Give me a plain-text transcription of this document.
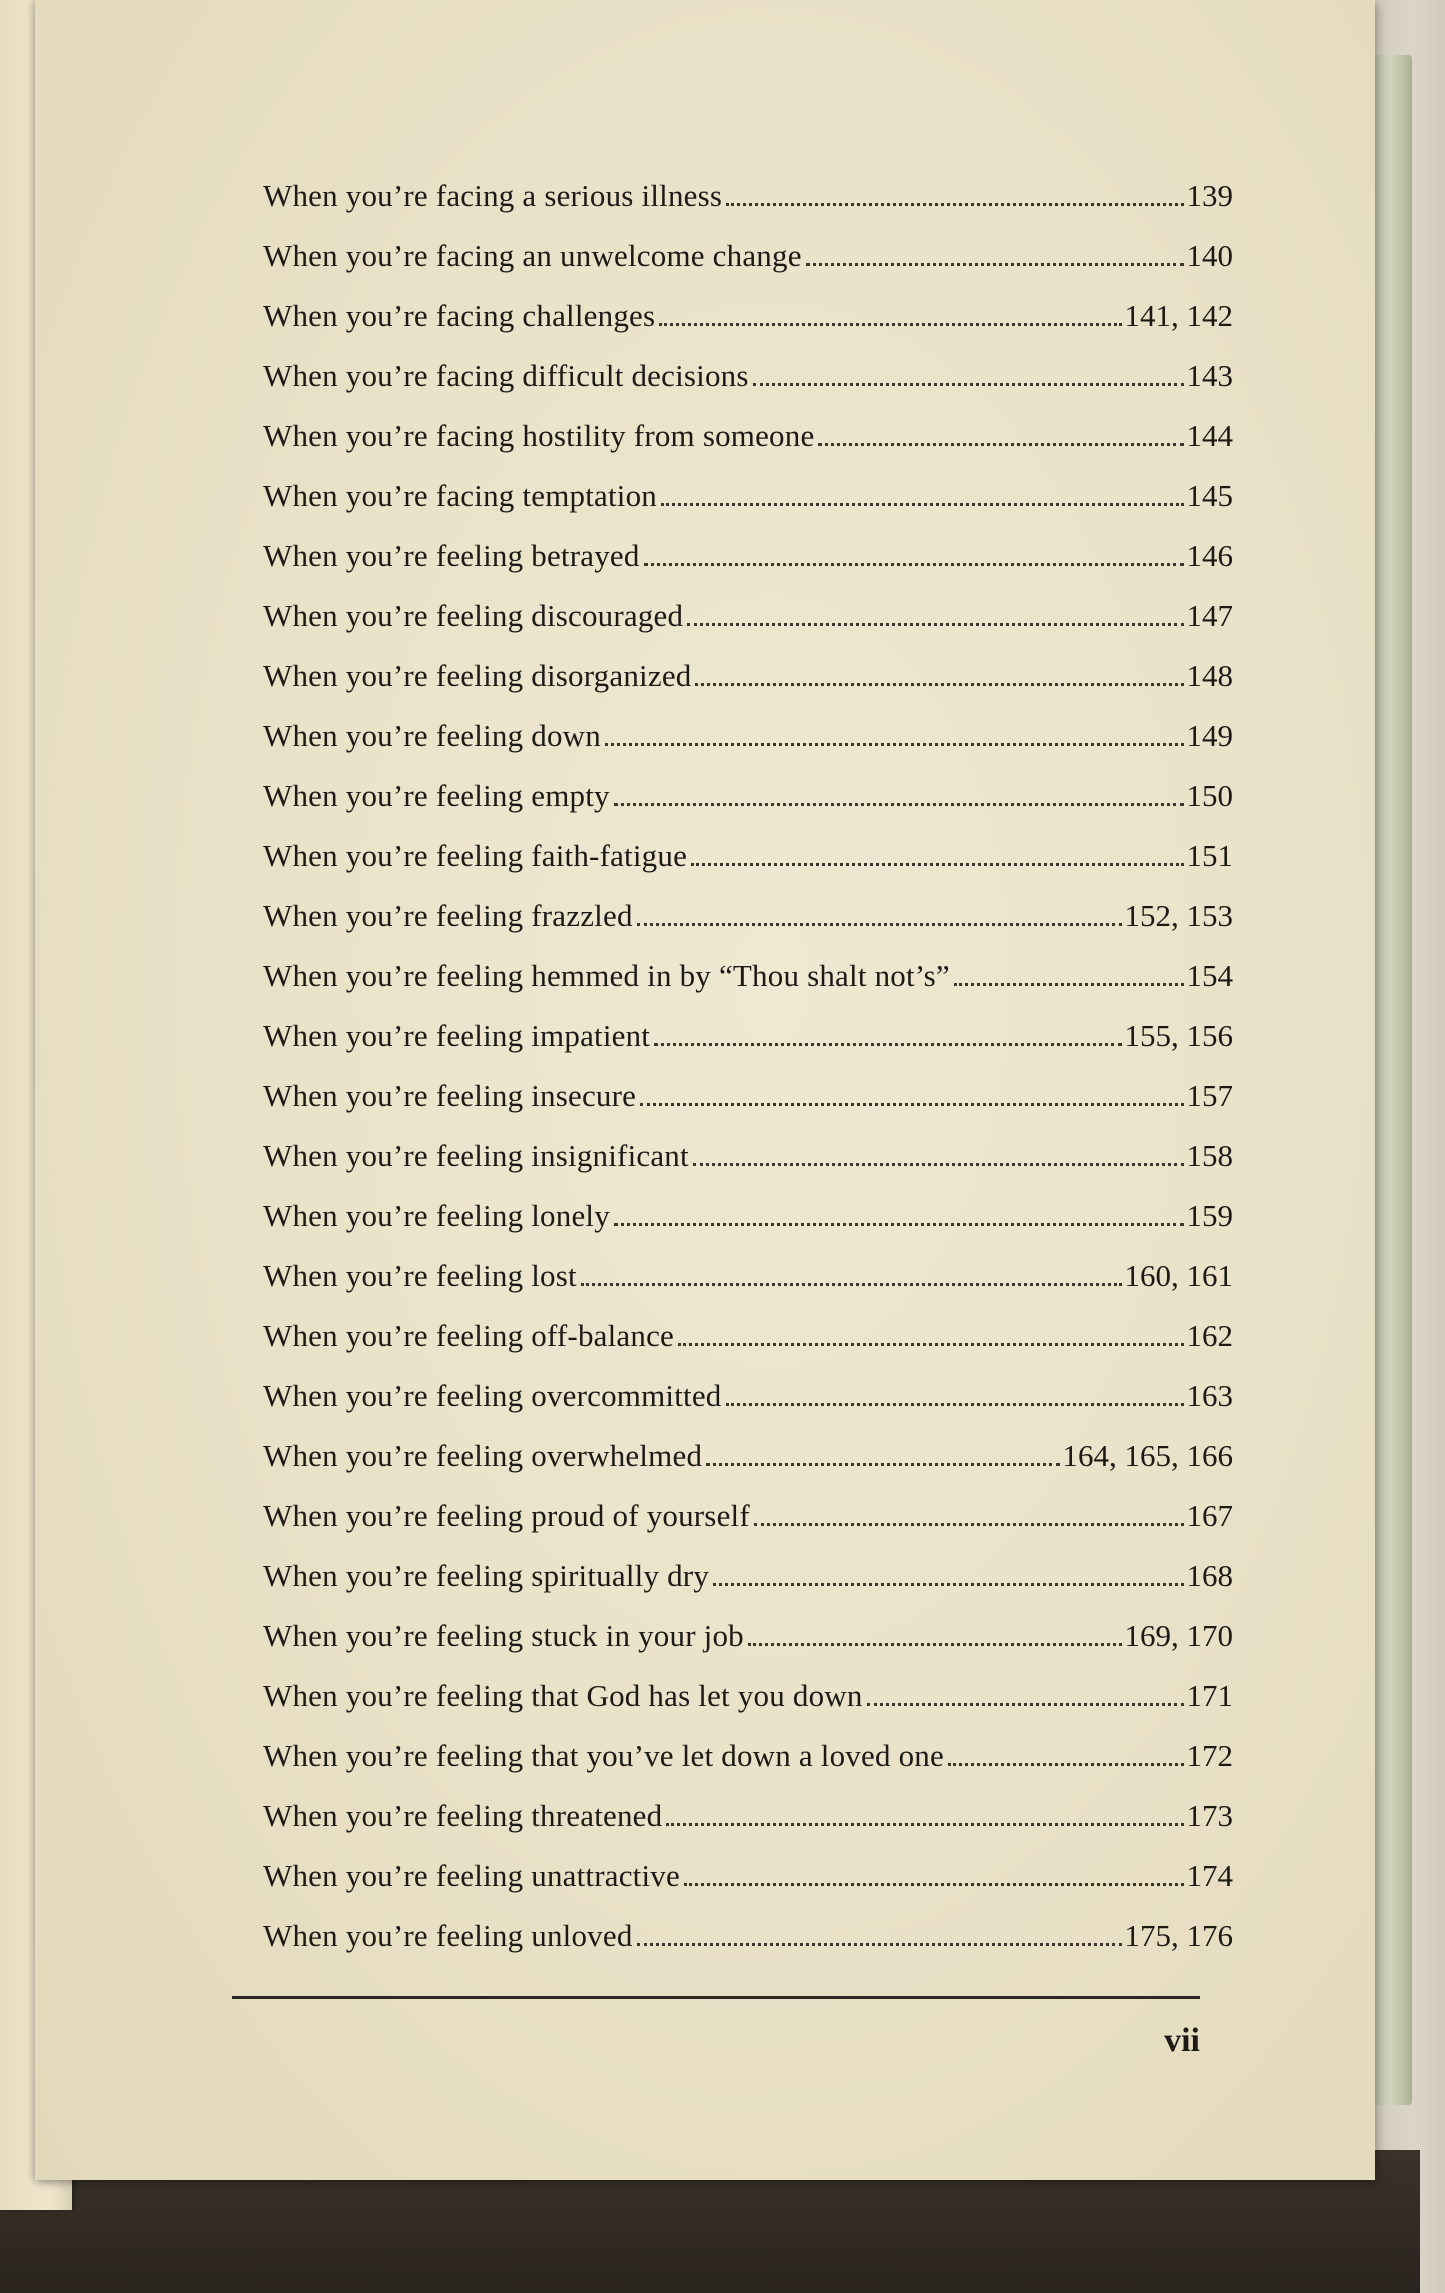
When you’re facing a serious illness	139
When you’re facing an unwelcome change	140
When you’re facing challenges	141, 142
When you’re facing difficult decisions	143
When you’re facing hostility from someone	144
When you’re facing temptation	145
When you’re feeling betrayed	146
When you’re feeling discouraged	147
When you’re feeling disorganized	148
When you’re feeling down	149
When you’re feeling empty	150
When you’re feeling faith-fatigue	151
When you’re feeling frazzled	152, 153
When you’re feeling hemmed in by “Thou shalt not’s”	154
When you’re feeling impatient	155, 156
When you’re feeling insecure	157
When you’re feeling insignificant	158
When you’re feeling lonely	159
When you’re feeling lost	160, 161
When you’re feeling off-balance	162
When you’re feeling overcommitted	163
When you’re feeling overwhelmed	164, 165, 166
When you’re feeling proud of yourself	167
When you’re feeling spiritually dry	168
When you’re feeling stuck in your job	169, 170
When you’re feeling that God has let you down	171
When you’re feeling that you’ve let down a loved one	172
When you’re feeling threatened	173
When you’re feeling unattractive	174
When you’re feeling unloved	175, 176
vii
